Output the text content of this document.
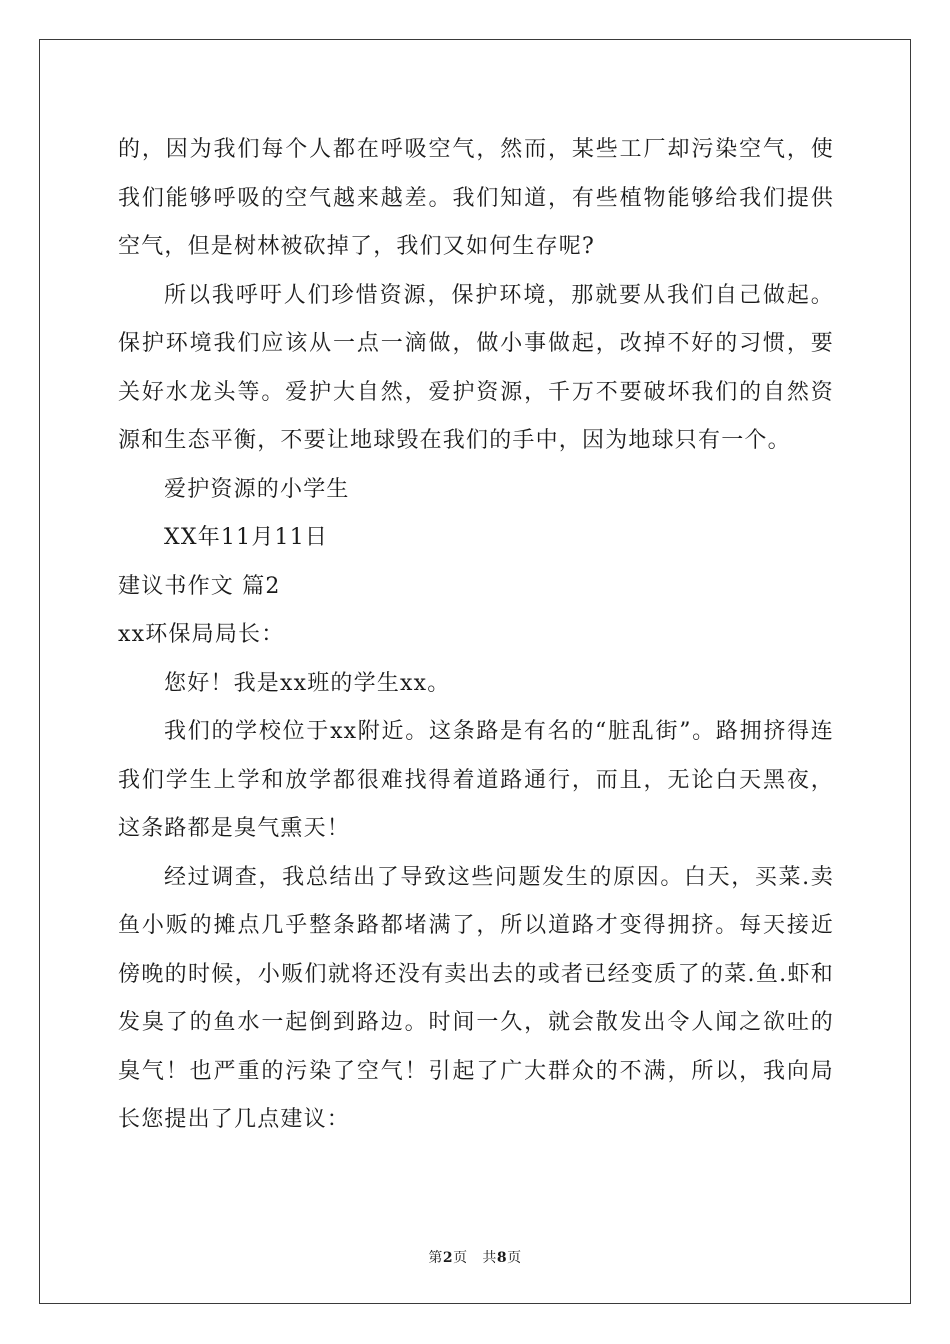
的，因为我们每个人都在呼吸空气，然而，某些工厂却污染空气，使我们能够呼吸的空气越来越差。我们知道，有些植物能够给我们提供空气，但是树林被砍掉了，我们又如何生存呢?

所以我呼吁人们珍惜资源，保护环境，那就要从我们自己做起。保护环境我们应该从一点一滴做，做小事做起，改掉不好的习惯，要关好水龙头等。爱护大自然，爱护资源，千万不要破坏我们的自然资源和生态平衡，不要让地球毁在我们的手中，因为地球只有一个。

爱护资源的小学生

XX年11月11日

建议书作文 篇2

xx环保局局长：

您好！我是xx班的学生xx。

我们的学校位于xx附近。这条路是有名的“脏乱街”。路拥挤得连我们学生上学和放学都很难找得着道路通行，而且，无论白天黑夜，这条路都是臭气熏天！

经过调查，我总结出了导致这些问题发生的原因。白天，买菜.卖鱼小贩的摊点几乎整条路都堵满了，所以道路才变得拥挤。每天接近傍晚的时候，小贩们就将还没有卖出去的或者已经变质了的菜.鱼.虾和发臭了的鱼水一起倒到路边。时间一久，就会散发出令人闻之欲吐的臭气！也严重的污染了空气！引起了广大群众的不满，所以，我向局长您提出了几点建议：

第2页 共8页
